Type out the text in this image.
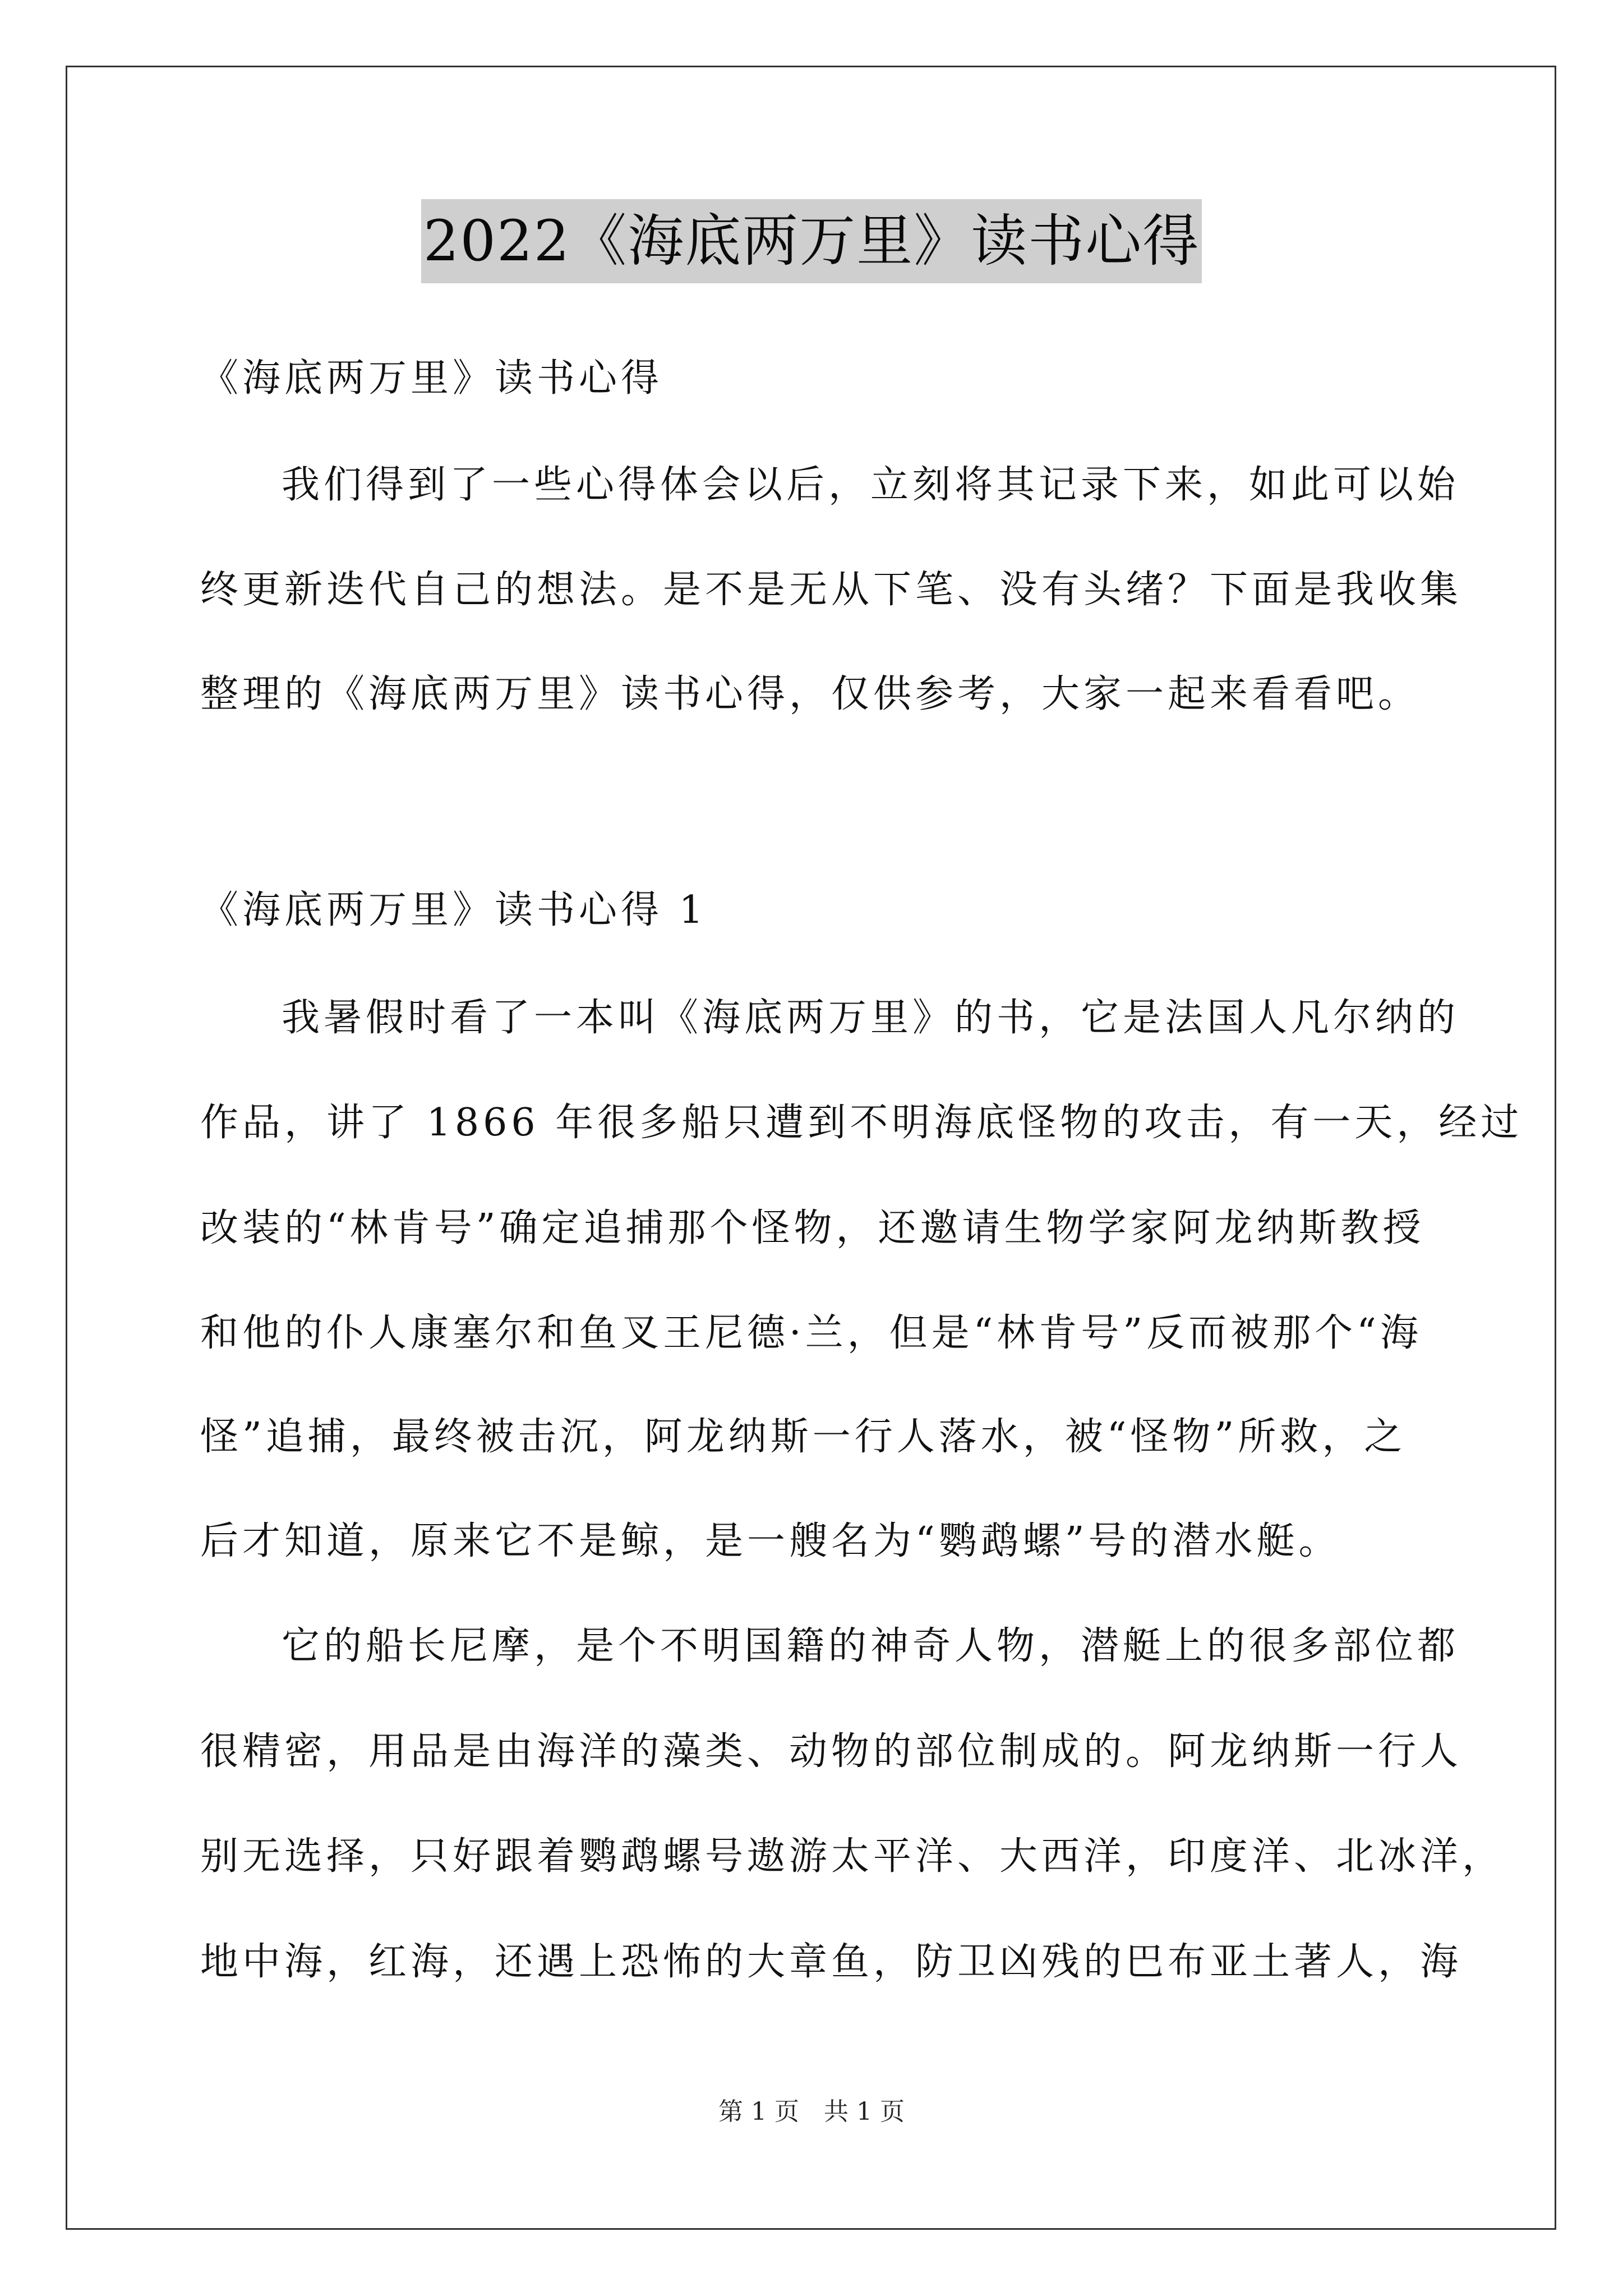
2022《海底两万里》读书心得
《海底两万里》读书心得
我们得到了一些心得体会以后，立刻将其记录下来，如此可以始
终更新迭代自己的想法。是不是无从下笔、没有头绪？下面是我收集
整理的《海底两万里》读书心得，仅供参考，大家一起来看看吧。
《海底两万里》读书心得 1
我暑假时看了一本叫《海底两万里》的书，它是法国人凡尔纳的
作品，讲了 1866 年很多船只遭到不明海底怪物的攻击，有一天，经过
改装的“林肯号”确定追捕那个怪物，还邀请生物学家阿龙纳斯教授
和他的仆人康塞尔和鱼叉王尼德·兰，但是“林肯号”反而被那个“海
怪”追捕，最终被击沉，阿龙纳斯一行人落水，被“怪物”所救，之
后才知道，原来它不是鲸，是一艘名为“鹦鹉螺”号的潜水艇。
它的船长尼摩，是个不明国籍的神奇人物，潜艇上的很多部位都
很精密，用品是由海洋的藻类、动物的部位制成的。阿龙纳斯一行人
别无选择，只好跟着鹦鹉螺号遨游太平洋、大西洋，印度洋、北冰洋，
地中海，红海，还遇上恐怖的大章鱼，防卫凶残的巴布亚土著人，海
第 1 页　共 1 页
